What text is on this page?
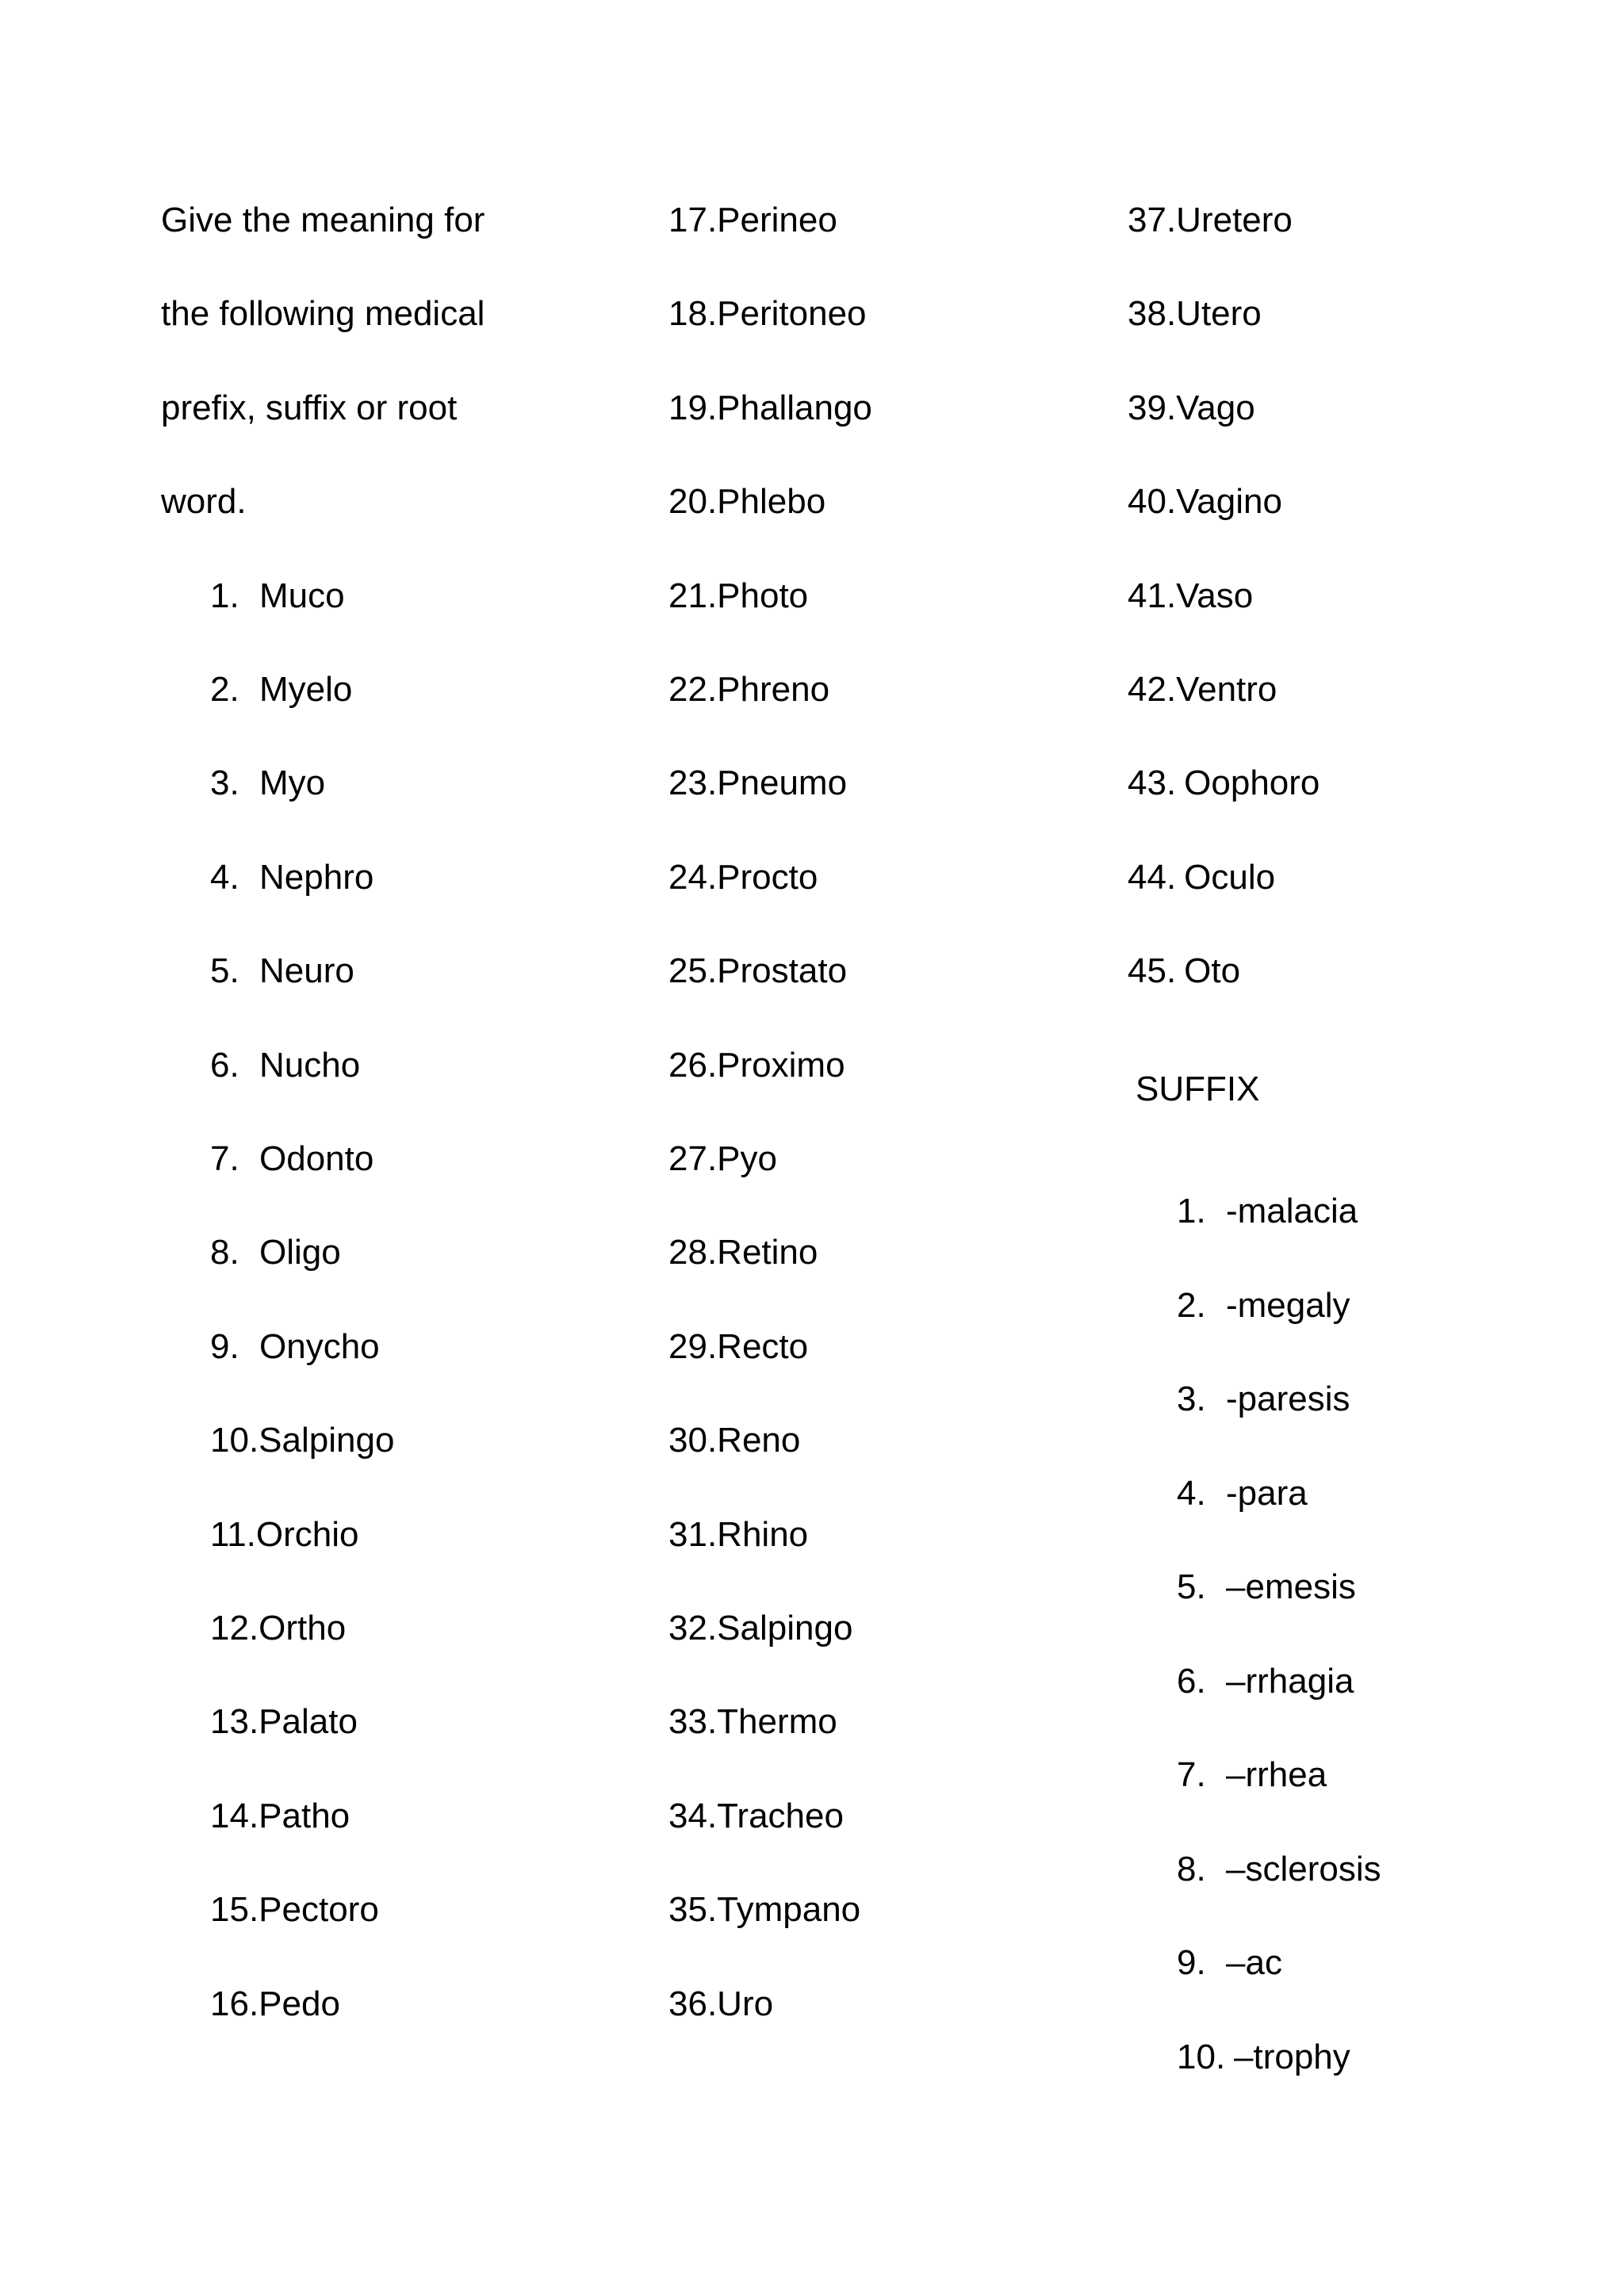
Give the meaning for
the following medical
prefix, suffix or root
word.
1. Muco
2. Myelo
3. Myo
4. Nephro
5. Neuro
6. Nucho
7. Odonto
8. Oligo
9. Onycho
10.Salpingo
11.Orchio
12.Ortho
13.Palato
14.Patho
15.Pectoro
16.Pedo
17.Perineo
18.Peritoneo
19.Phallango
20.Phlebo
21.Photo
22.Phreno
23.Pneumo
24.Procto
25.Prostato
26.Proximo
27.Pyo
28.Retino
29.Recto
30.Reno
31.Rhino
32.Salpingo
33.Thermo
34.Tracheo
35.Tympano
36.Uro
37.Uretero
38.Utero
39.Vago
40.Vagino
41.Vaso
42.Ventro
43. Oophoro
44. Oculo
45. Oto
SUFFIX
1. -malacia
2. -megaly
3. -paresis
4. -para
5. –emesis
6. –rrhagia
7. –rrhea
8. –sclerosis
9. –ac
10. –trophy
